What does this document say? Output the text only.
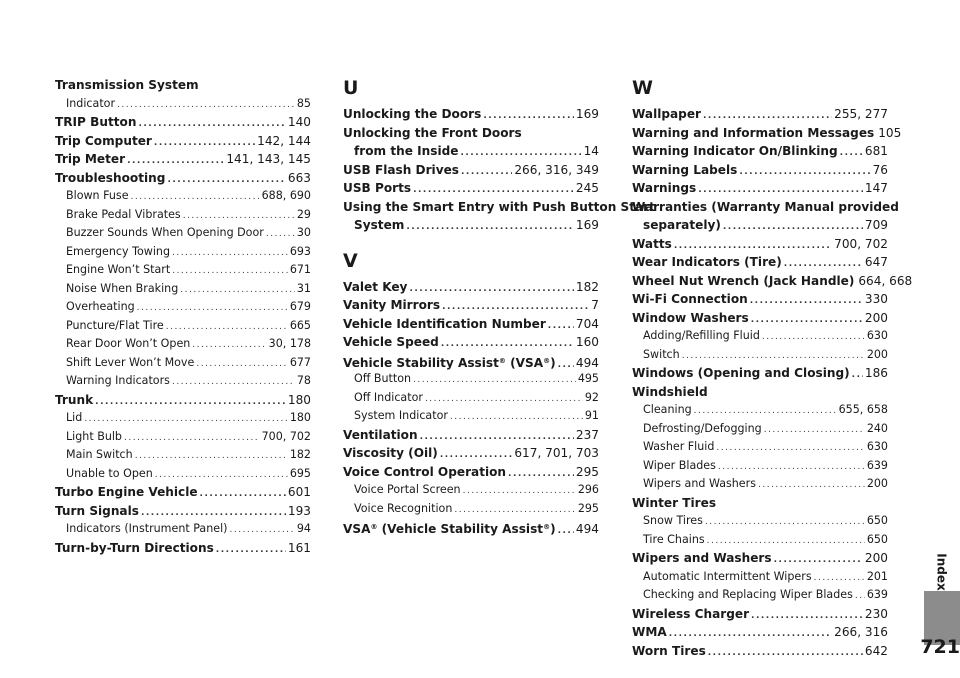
Transmission System
Indicator .....	85
TRIP Button .....	140
Trip Computer .....	142, 144
Trip Meter .....	141, 143, 145
Troubleshooting .....	663
Blown Fuse .....	688, 690
Brake Pedal Vibrates .....	29
Buzzer Sounds When Opening Door .....	30
Emergency Towing .....	693
Engine Won’t Start .....	671
Noise When Braking .....	31
Overheating .....	679
Puncture/Flat Tire .....	665
Rear Door Won’t Open .....	30, 178
Shift Lever Won’t Move .....	677
Warning Indicators .....	78
Trunk .....	180
Lid .....	180
Light Bulb .....	700, 702
Main Switch .....	182
Unable to Open .....	695
Turbo Engine Vehicle .....	601
Turn Signals .....	193
Indicators (Instrument Panel) .....	94
Turn-by-Turn Directions .....	161
U
Unlocking the Doors .....	169
Unlocking the Front Doors
from the Inside .....	14
USB Flash Drives .....	266, 316, 349
USB Ports .....	245
Using the Smart Entry with Push Button Start
System .....	169
V
Valet Key .....	182
Vanity Mirrors .....	7
Vehicle Identification Number ..... 704
Vehicle Speed .....	160
Vehicle Stability Assist® (VSA®) ..... 494
Off Button .....	495
Off Indicator .....	92
System Indicator .....	91
Ventilation .....	237
Viscosity (Oil) .....	617, 701, 703
Voice Control Operation .....	295
Voice Portal Screen .....	296
Voice Recognition .....	295
VSA® (Vehicle Stability Assist®) ..... 494
W
Wallpaper .....	255, 277
Warning and Information Messages 105
Warning Indicator On/Blinking ..... 681
Warning Labels .....	76
Warnings .....	147
Warranties (Warranty Manual provided
separately) .....	709
Watts .....	700, 702
Wear Indicators (Tire) .....	647
Wheel Nut Wrench (Jack Handle) 664, 668
Wi-Fi Connection .....	330
Window Washers .....	200
Adding/Refilling Fluid .....	630
Switch .....	200
Windows (Opening and Closing) ..... 186
Windshield
Cleaning .....	655, 658
Defrosting/Defogging .....	240
Washer Fluid .....	630
Wiper Blades .....	639
Wipers and Washers .....	200
Winter Tires
Snow Tires .....	650
Tire Chains .....	650
Wipers and Washers .....	200
Automatic Intermittent Wipers .....	201
Checking and Replacing Wiper Blades ..... 639
Wireless Charger .....	230
WMA .....	266, 316
Worn Tires .....	642
Index
721
